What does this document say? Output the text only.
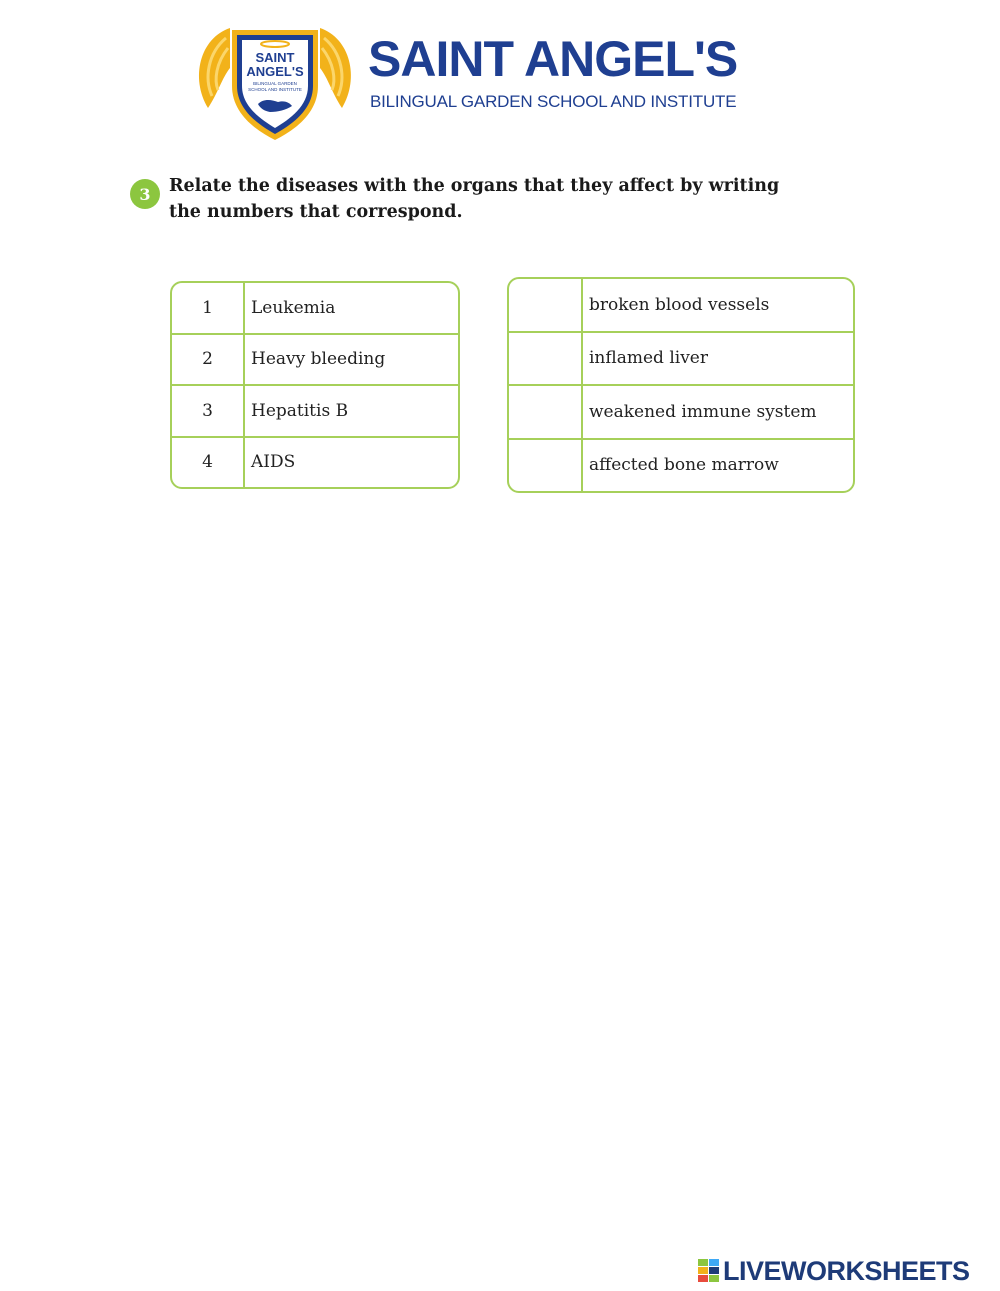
SAINT
ANGEL'S
BILINGUAL GARDEN
SCHOOL AND INSTITUTE
SAINT ANGEL'S
BILINGUAL GARDEN SCHOOL AND INSTITUTE
3	Relate the diseases with the organs that they affect by writing the numbers that correspond.
1	Leukemia
2	Heavy bleeding
3	Hepatitis B
4	AIDS
broken blood vessels
inflamed liver
weakened immune system
affected bone marrow
LIVEWORKSHEETS
